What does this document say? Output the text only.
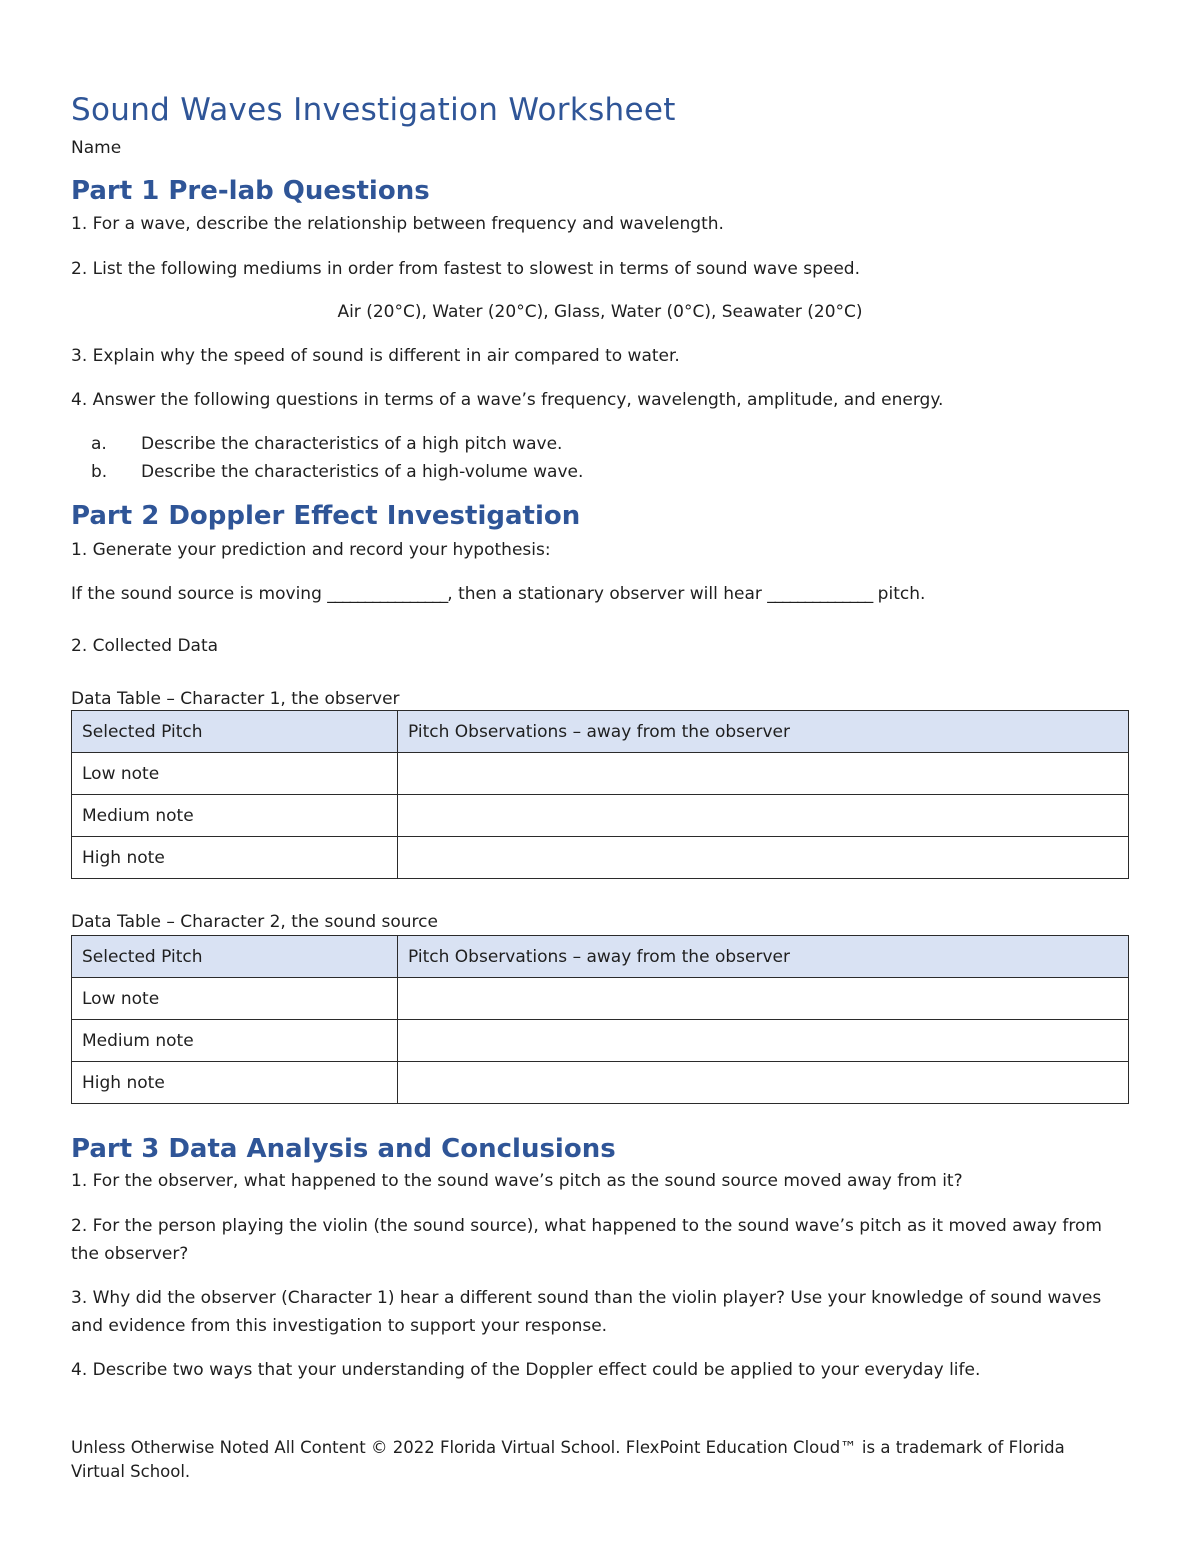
Sound Waves Investigation Worksheet
Name
Part 1 Pre-lab Questions
1. For a wave, describe the relationship between frequency and wavelength.
2. List the following mediums in order from fastest to slowest in terms of sound wave speed.
Air (20°C), Water (20°C), Glass, Water (0°C), Seawater (20°C)
3. Explain why the speed of sound is different in air compared to water.
4. Answer the following questions in terms of a wave’s frequency, wavelength, amplitude, and energy.
a. Describe the characteristics of a high pitch wave.
b. Describe the characteristics of a high-volume wave.
Part 2 Doppler Effect Investigation
1. Generate your prediction and record your hypothesis:
If the sound source is moving ________________, then a stationary observer will hear ______________ pitch.
2. Collected Data
Data Table – Character 1, the observer
Selected Pitch	Pitch Observations – away from the observer
Low note	
Medium note	
High note	
Data Table – Character 2, the sound source
Selected Pitch	Pitch Observations – away from the observer
Low note	
Medium note	
High note	
Part 3 Data Analysis and Conclusions
1. For the observer, what happened to the sound wave’s pitch as the sound source moved away from it?
2. For the person playing the violin (the sound source), what happened to the sound wave’s pitch as it moved away from the observer?
3. Why did the observer (Character 1) hear a different sound than the violin player? Use your knowledge of sound waves and evidence from this investigation to support your response.
4. Describe two ways that your understanding of the Doppler effect could be applied to your everyday life.
Unless Otherwise Noted All Content © 2022 Florida Virtual School. FlexPoint Education Cloud™ is a trademark of Florida Virtual School.
